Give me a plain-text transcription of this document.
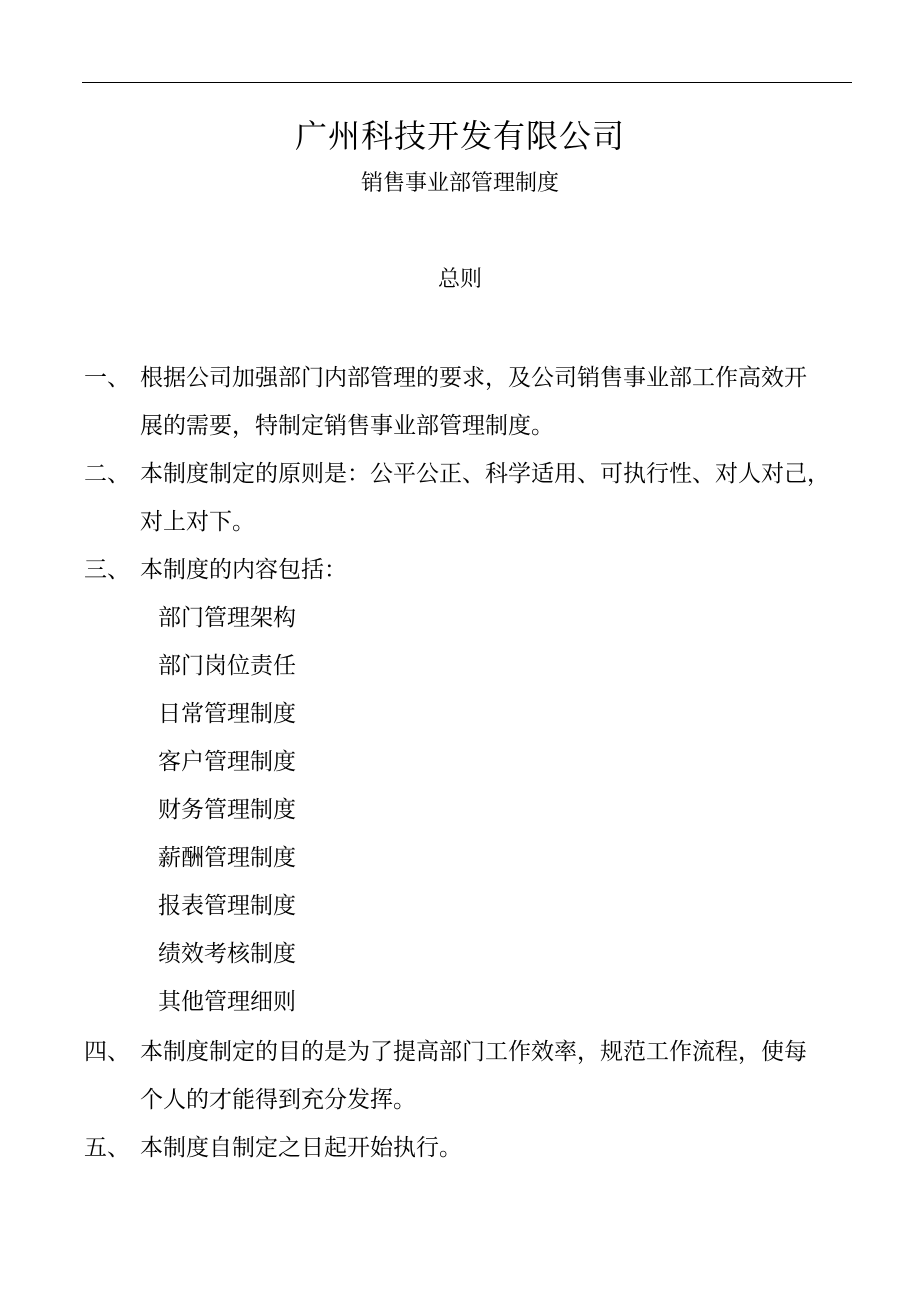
广州科技开发有限公司
销售事业部管理制度
总则
一、 根据公司加强部门内部管理的要求，及公司销售事业部工作高效开

展的需要，特制定销售事业部管理制度。

二、 本制度制定的原则是：公平公正、科学适用、可执行性、对人对己，

对上对下。

三、 本制度的内容包括：

部门管理架构
部门岗位责任
日常管理制度
客户管理制度
财务管理制度
薪酬管理制度
报表管理制度
绩效考核制度
其他管理细则
四、 本制度制定的目的是为了提高部门工作效率，规范工作流程，使每

个人的才能得到充分发挥。

五、 本制度自制定之日起开始执行。
